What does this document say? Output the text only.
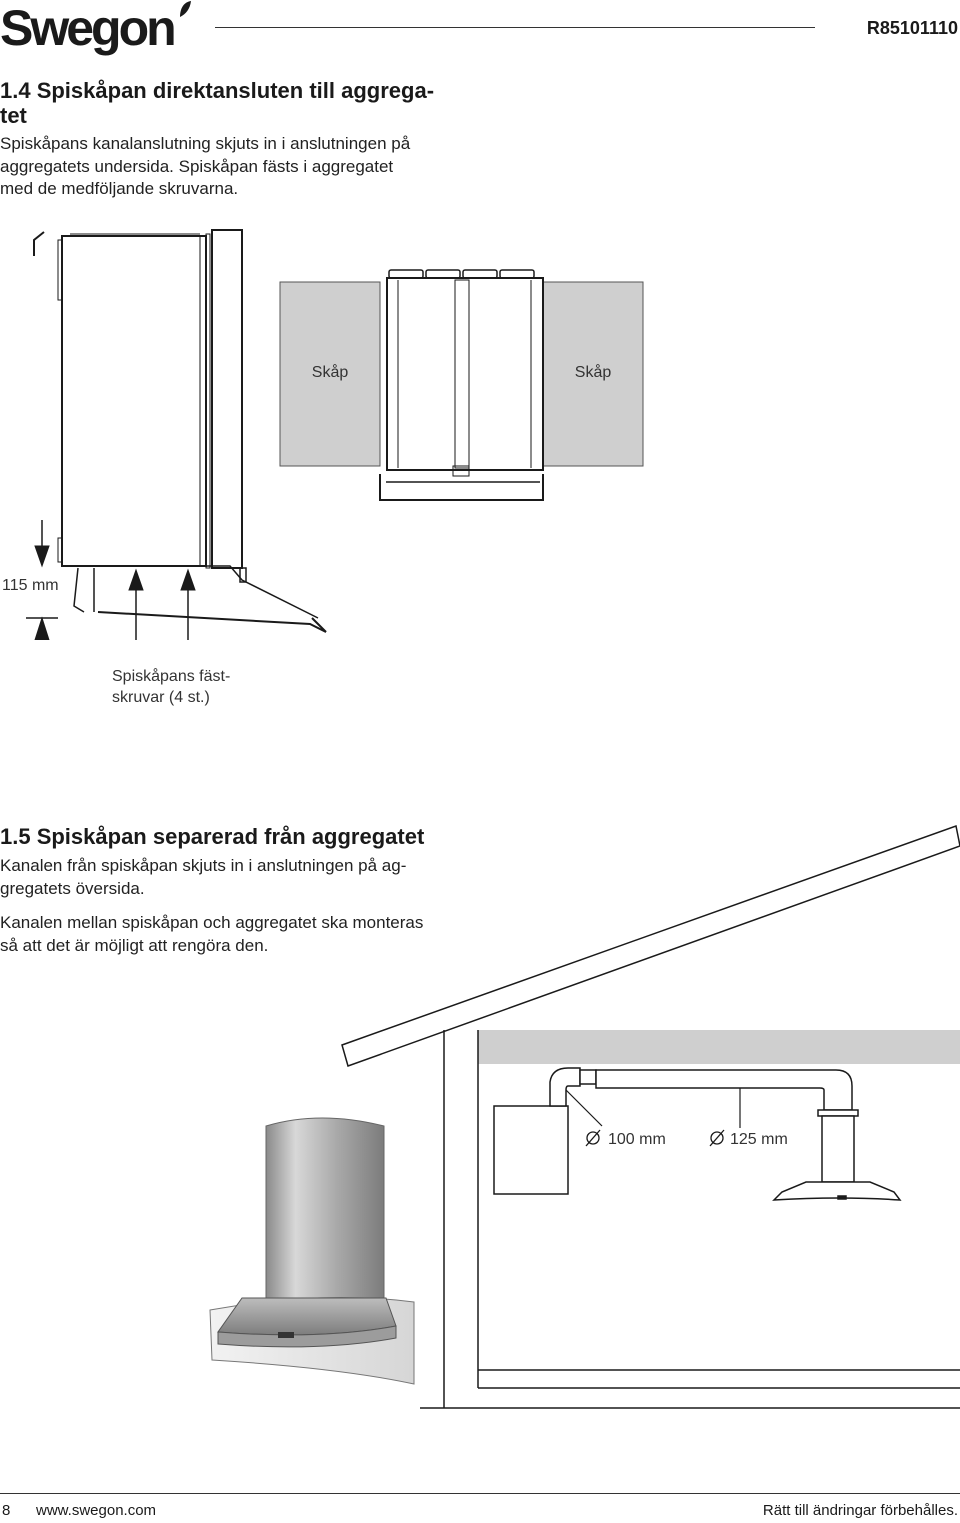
Swegon	R85101110
1.4 Spiskåpan direktansluten till aggrega-
tet
Spiskåpans kanalanslutning skjuts in i anslutningen på
aggregatets undersida. Spiskåpan fästs i aggregatet
med de medföljande skruvarna.
Skåp	Skåp
115 mm
Spiskåpans fäst-
skruvar (4 st.)
1.5 Spiskåpan separerad från aggregatet
Kanalen från spiskåpan skjuts in i anslutningen på ag-
gregatets översida.
Kanalen mellan spiskåpan och aggregatet ska monteras
så att det är möjligt att rengöra den.
100 mm	125 mm
8 www.swegon.com	Rätt till ändringar förbehålles.
